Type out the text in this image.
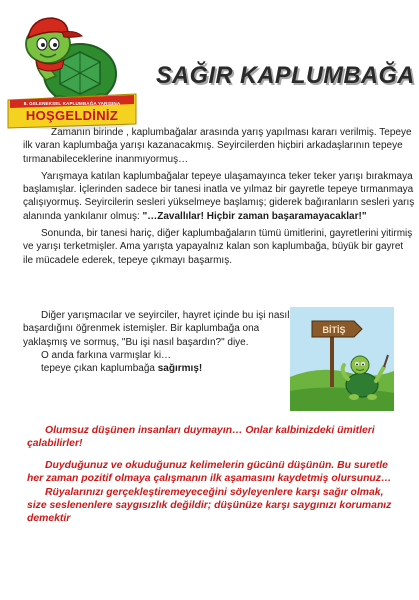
8. GELENEKSEL KAPLUMBAĞA YARIŞINA
HOŞGELDİNİZ
SAĞIR KAPLUMBAĞA

Zamanın birinde , kaplumbağalar arasında yarış yapılması kararı verilmiş. Tepeye ilk varan kaplumbağa yarışı kazanacakmış. Seyircilerden hiçbiri arkadaşlarının tepeye tırmanabileceklerine inanmıyormuş…

Yarışmaya katılan kaplumbağalar tepeye ulaşamayınca teker teker yarışı bırakmaya başlamışlar. İçlerinden sadece bir tanesi inatla ve yılmaz bir gayretle tepeye tırmanmaya çalışıyormuş. Seyircilerin sesleri yükselmeye başlamış; giderek bağıranların sesleri yarış alanında yankılanır olmuş: "…Zavallılar! Hiçbir zaman başaramayacaklar!"

Sonunda, bir tanesi hariç, diğer kaplumbağaların tümü ümitlerini, gayretlerini yitirmiş ve yarışı terketmişler. Ama yarışta yapayalnız kalan son kaplumbağa, büyük bir gayret ile mücadele ederek, tepeye çıkmayı başarmış.

Diğer yarışmacılar ve seyirciler, hayret içinde bu işi nasıl başardığını öğrenmek istemişler. Bir kaplumbağa ona yaklaşmış ve sormuş, "Bu işi nasıl başardın?" diye.

O anda farkına varmışlar ki…

tepeye çıkan kaplumbağa sağırmış!

BİTİŞ

Olumsuz düşünen insanları duymayın… Onlar kalbinizdeki ümitleri çalabilirler!

Duyduğunuz ve okuduğunuz kelimelerin gücünü düşünün. Bu suretle her zaman pozitif olmaya çalışmanın ilk aşamasını kaydetmiş olursunuz…

Rüyalarınızı gerçekleştiremeyeceğini söyleyenlere karşı sağır olmak, size seslenenlere saygısızlık değildir; düşünüze karşı saygınızı korumanız demektir
